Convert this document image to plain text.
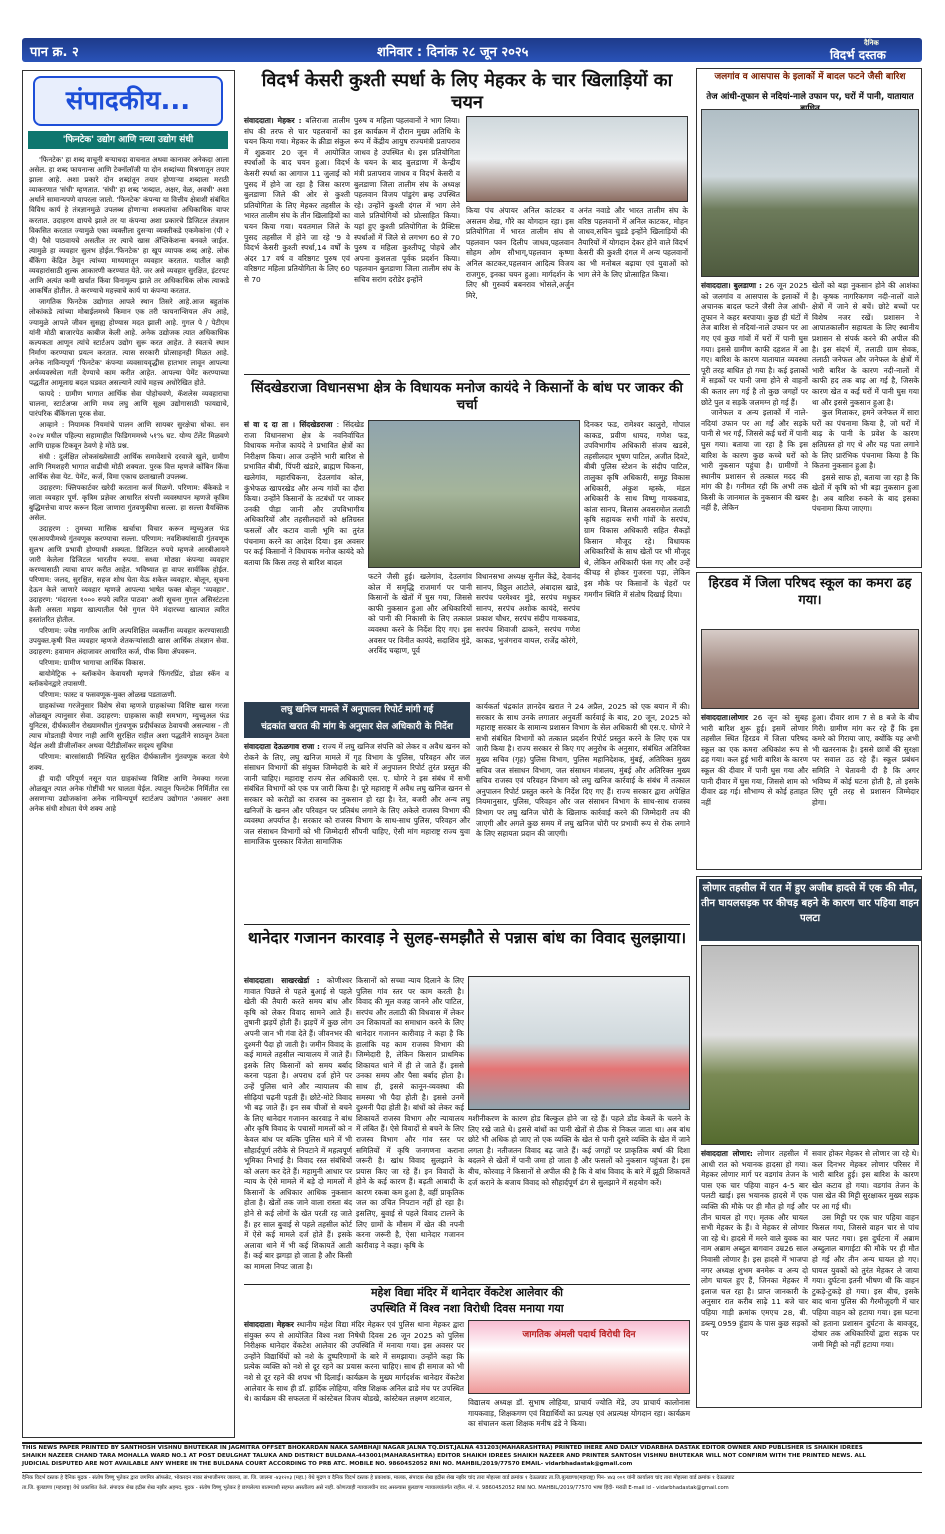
पान क्र. २	शनिवार : दिनांक २८ जून २०२५
दैनिक
विदर्भ दस्तक
संपादकीय...
'फिनटेक' उद्योग आणि नव्या उद्योग संधी

'फिनटेक' हा शब्द वाचूनी बऱ्याचदा वाचनात अथवा कानावर अनेकदा आला असेल. हा शब्द फायनान्स आणि टेक्नॉलॉजी या दोन शब्दांच्या मिश्रणातून तयार झाला आहे. अशा प्रकारे दोन शब्दांतून तयार होणाऱ्या शब्दाला मराठी व्याकरणात 'संधी' म्हणतात. 'संधी' हा शब्द 'शब्दात, अक्षर, वेळ, अवधी' अशा अर्थाने सामान्यपणे वापरला जातो. 'फिनटेक' कंपन्या या वित्तीय क्षेत्राशी संबंधित विविध कार्य हे तंत्रज्ञानमुळे उपलब्ध होणाऱ्या शक्यतांचा अधिकाधिक वापर करतात. उदाहरण द्यायचे झाले तर या कंपन्या अशा प्रकारचे डिजिटल तंत्रज्ञान विकसित करतात ज्यामुळे एका व्यक्तीला दुसऱ्या व्यक्तीकडे एकमेकांना (पी २ पी) पैसे पाठवायचे असतील तर त्याचे खास ॲप्लिकेशन्स बनवले जाईल. त्यामुळे हा व्यवहार सुलभ होईल.'फिनटेक' हा खूप व्यापक शब्द आहे. लोक बँकिंगा केंद्रित ठेवून त्यांच्या माध्यमातून व्यवहार करतात. यातील काही व्यवहारांसाठी शुल्क आकारणी करण्यात येते. जर असे व्यवहार सुरक्षित, इंटरपट आणि अत्यंत कमी खर्चात किंवा विनामूल्य झाले तर अधिकाधिक लोक त्याकडे आकर्षित होतील. ते करण्याचे महत्त्वाचे कार्य या कंपन्या करतात.

जागतिक फिनटेक उद्योगात आपले स्थान तिसरे आहे.आज बहुतांक लोकांकडे त्यांच्या मोबाईलमध्ये किमान एक तरी फायनान्शियल ॲप आहे, ज्यामुळे आपले जीवन सुसह्य होण्यास मदत झाली आहे. गुगल पे / पेटीएम यांनी मोठी बाजारपेठ काबीज केली आहे. अनेक उद्योजक त्यात अधिकाधिक कल्पकता आणून त्यांचे स्टार्टअप उद्योग सुरू करत आहेत. ते स्वतःचे स्थान निर्माण करण्याचा प्रयत्न करतात. त्यास सरकारी प्रोत्साहनही मिळत आहे. अनेक नाविन्यपूर्ण 'फिनटेक' कंपन्या व्यवसायवृद्धीस हातभार लावून आपल्या अर्थव्यवस्थेला गती देण्याचे काम करीत आहेत. आपल्या पेमेंट करण्याच्या पद्धतीत आमूलाग्र बदल घडवत असल्याने त्यांचे महत्त्व अधोरेखित होते.

फायदे : ग्रामीण भागात आर्थिक सेवा पोहोचवणे, कॅशलेस व्यवहाराचा चालना, स्टार्टअप्स आणि मध्य लघु आणि सूक्ष्म उद्योगासाठी फायद्याचे, पारंपरिक बँकिंगला पूरक सेवा.

आव्हाने : नियामक नियमांचे पालन आणि सायबर सुरक्षेचा धोका. सन २०२४ मधील पहिल्या सहामाहीत फिडिगममध्ये ५१% घट. योग्य टॅलेंट मिळवणे आणि ग्राहक टिकवून ठेवणे हे मोठे प्रश्न.

संधी : दुर्लक्षित लोकसंख्येसाठी आर्थिक समावेशाचे दरवाजे खुले, ग्रामीण आणि निमशहरी भागात वाढीची मोठी शक्यता. पुरक वित्त म्हणजे कोंबिन किंवा आर्थिक सेवा येट. पेमेंट, कर्ज, विमा एकाच छताखाली उपलब्ध.

उदाहरण: फ्लिपकार्टवर खरेदी करताना कर्ज मिळणे. परिणाम: बँकेकडे न जाता व्यवहार पूर्ण. कृत्रिम प्रज्ञेवर आधारित संपत्ती व्यवस्थापन म्हणजे कृत्रिम बुद्धिमत्तेचा वापर करून दिला जाणारा गुंतवणुकीचा सल्ला. हा सल्ला वैयक्तिक असेल.

उदाहरण : तुमच्या मासिक खर्चाचा विचार करून म्युच्युअल फंड एसआयपीमध्ये गुंतवणूक करण्याचा सल्ला. परिणाम: नवशिक्यांसाठी गुंतवणूक सुलभ आणि प्रभावी होण्याची शक्यता. डिजिटल रुपये म्हणजे आरबीआयने जारी केलेला डिजिटल भारतीय रुपया. सध्या मोठ्या कंपन्या व्यवहार करण्यासाठी त्याचा वापर करीत आहेत. भविष्यात हा वापर सार्वत्रिक होईल. परिणाम: जलद, सुरक्षित, सहज शोध घेता येऊ शकेल व्यवहार. बोलून, सूचना देऊन केले जाणारे व्यवहार म्हणजे आपल्या भाषेत फक्त बोलून 'व्यवहार'. उदाहरण: 'मंदारला १००० रुपये त्वरित पाठवा' अशी सूचना गुगल असिस्टंटला केली असता माझ्या खात्यातील पैसे गुगल पेने मंदारच्या खात्यात त्वरित हस्तांतरित होतील.

परिणाम: ज्येष्ठ नागरिक आणि अल्पशिक्षित व्यक्तींना व्यवहार करण्यासाठी उपयुक्त.कृषी वित्त व्यवहार म्हणजे शेतकऱ्यांसाठी खास आर्थिक तंत्रज्ञान सेवा. उदाहरण: हवामान अंदाजावर आधारित कर्ज, पीक विमा ॲपवरून.

परिणाम: ग्रामीण भागाचा आर्थिक विकास.

बायोमेट्रिक + ब्लॉकचेन केवायसी म्हणजे फिंगरप्रिंट, डोळा स्कॅन व ब्लॉकचेनद्वारे तपासणी.

परिणाम: फास्ट व फसवणूक-मुक्त ओळख पडताळणी.

ग्राहकांच्या गरजेनुसार विशेष सेवा म्हणजे ग्राहकांच्या विशिष्ट खास गरजा ओळखून त्यानुसार सेवा. उदाहरण: ग्राहकास काही समभाग, म्युच्युअल फंड युनिटस, दीर्घकालीन रोख्यामधील गुंतवणूक प्रदीर्घकाळ ठेवायची असल्यास - ती त्याच मोडताही येणार नाही आणि सुरक्षित राहील अशा पद्धतीने साठवून ठेवता येईल अशी डीजीलॉकर अथवा पेंटीडीलॉकर सदृश्य सुविधा

परिणाम: बारसांसाठी निश्चित सुरक्षित दीर्घकालीन गुंतवणूक करता येणे शक्य.

ही यादी परिपूर्ण नसून यात ग्राहकांच्या विशिष्ट आणि नेमक्या गरजा ओळखून त्यात अनेक गोष्टींची भर घालता येईल. त्यातून फिनटेक निर्मितीत रस असणाऱ्या उद्योजकांना अनेक नाविन्यपूर्ण स्टार्टअप उद्योगात 'अवसर' अशा अनेक संधी शोधता येणे शक्य आहे

विदर्भ केसरी कुश्ती स्पर्धा के लिए मेहकर के चार खिलाड़ियों का चयन
संवाददाता। मेहकर : बलिराजा तालीम संघ की तरफ से चार पहलवानों का चयन किया गया। मेहकर के क्रीडा संकुल में शुक्रवार 20 जून में आयोजित स्पर्धाओं के बाद चयन हुआ। विदर्भ केसरी स्पर्धा का आगाज 11 जुलाई को पुसद में होने जा रहा है जिस कारण बुलडाणा जिले की ओर से कुश्ती प्रतियोगिता के लिए मेहकर तहसील के भारत तालीम संघ के तीन खिलाड़ियों का चयन किया गया। यवतमाल जिले के पुसद तहसील में होने जा रहे '9 वे विदर्भ केसरी कुश्ती स्पर्धा,14 वर्षों के अंदर 17 वर्ष व वरिष्ठगट पुरुष एवं वरिष्ठगट महिला प्रतियोगिता के लिए 60 से 70
पुरुष व महिला पहलवानों ने भाग लिया। इस कार्यक्रम में दौरान मुख्य अतिथि के रूप में केंद्रीय आयुष राज्यमंत्री प्रतापराव जाधव हे उपस्थित थे। इस प्रतियोगिता के चयन के बाद बुलडाणा में केन्द्रीय मंत्री प्रतापराव जाधव व विदर्भ केसरी व बुलडाणा जिला तालीम संघ के अध्यक्ष पहलवान विजय पांडुरंग ब्रम्ह उपस्थित रहे। उन्होंने कुश्ती दंगल में भाग लेने वाले प्रतियोगियों को प्रोत्साहित किया। यहां हुए कुश्ती प्रतियोगिता के प्रैक्टिस स्पर्धाओं में जिले से लगभग 60 से 70 पुरुष व महिला कुश्तीपटू पोहचे और अपना कुशलता पूर्वक प्रदर्शन किया। पहलवान बुलडाणा जिला तालीम संघ के सचिव सरांग दरोडेर इन्होंने
किया पंच अंपायर अनिल कांटकर व असलम शेख, गौरे का योगदान रहा। इस प्रतियोगिता में भारत तालीम संघ से पहलवान पवन दिलीप जाधव,पहलवान सोहम ओम सौभाग्,पहलवान कृष्णा अनिल काटकर,पहलवान आदित्य विजय राजगुरु, इनका चयन हुआ। मार्गदर्शन के लिए श्री गुरुवर्य बबनराव भोसले,अर्जुन मिरे,
अनंत नवाडे और भारत तालीम संघ के वरिष्ठ पहलवानों में अनिल काटकर, मोहन जाधव,सचिन चुडडे इन्होंने खिलाड़ियों की तैयारियों में योगदान देकर होने वाले विदर्भ केसरी की कुश्ती दंगल में अन्य पहलवानों का भी मनोबल बढ़ाया एवं युवाओं को भाग लेने के लिए प्रोत्साहित किया।
जलगांव व आसपास के इलाकों में बादल फटने जैसी बारिश
तेज आंधी-तूफान से नदियां-नाले उफान पर, घरों में पानी, यातायात
संवाददाता। बुलडाणा : 26 जून 2025 को जलगांव व आसपास के इलाकों में अचानक बादल फटने जैसी तेज आंधी-तूफान ने कहर बरपाया। कुछ ही घंटों में तेज बारिश से नदियां-नाले उफान पर आ गए एवं कुछ गांवों में घरों में पानी घुस गया। इससे ग्रामीण काफी दहशत में आ गए। बारिश के कारण यातायात व्यवस्था पूरी तरह बाधित हो गया है। कई इलाकों में सड़कों पर पानी जमा होने से वाहनों की कतार लग गई है तो कुछ जगहों पर छोटे पुल व सड़कें जलमग्न हो गई हैं।

जानेफल व अन्य इलाकों में नाले-नदियां उफान पर आ गईं और सड़के पानी से भर गईं, जिससे कई घरों में पानी घुस गया। बताया जा रहा है कि इस बारिश के कारण कुछ कच्चे घरों को भारी नुकसान पहुंचा है। ग्रामीणों ने स्थानीय प्रशासन से तत्काल मदद की मांग की है। गनीमत रही कि अभी तक किसी के जानमाल के नुकसान की खबर नहीं है, लेकिन

खेतों को बड़ा नुकसान होने की आशंका है। कृषक नागरिकगण नदी-नालों वाले क्षेत्रों में जाने से बचें। छोटे बच्चों पर विशेष नजर रखें। प्रशासन ने आपातकालीन सहायता के लिए स्थानीय प्रशासन से संपर्क करने की अपील की है। इस संदर्भ में, तलाठी ग्राम सेवक, तलाठी जनेफल और जनेफल के क्षेत्रों में भारी बारिश के कारण नदी-नालों में काफी हद तक बाढ़ आ गई है, जिसके कारण खेत व कई घरों में पानी घुस गया था और इससे नुकसान हुआ है।

कुल मिलाकर, हमने जनेफल में सारा घरों का पंचनामा किया है, जो घरों में बाढ़ के पानी के प्रवेश के कारण क्षतिग्रस्त हो गए थे और यह पता लगाने के लिए प्रारंभिक पंचनामा किया है कि कितना नुकसान हुआ है।

इससे साफ हो, बताया जा रहा है कि खेतों में कृषि को भी बड़ा नुकसान हुआ है। अब बारिश रुकने के बाद इसका पंचनामा किया जाएगा।

सिंदखेडराजा विधानसभा क्षेत्र के विधायक मनोज कायंदे ने किसानों के बांध पर जाकर की चर्चा
सं वा द दा ता । सिंदखेडराजा : सिंदखेड राजा विधानसभा क्षेत्र के नवनिर्वाचित विधायक मनोज कायंदे ने प्रभावित क्षेत्रों का निरीक्षण किया। आज उन्होंने भारी बारिश से प्रभावित बीबी, पिंपरी खंडारे, ब्राह्मण चिकना, खलेगांव, महारचिकना, देउलगांव कोल, कुंभेफळ खापरखेड और अन्य गांवों का दौरा किया। उन्होंने किसानों के तटबंधों पर जाकर उनकी पीड़ा जानी और उपविभागीय अधिकारियों और तहसीलदारों को क्षतिग्रस्त फसलों और कटाव वाली भूमि का तुरंत पंचनामा करने का आदेश दिया। इस अवसर पर कई किसानों ने विधायक मनोज कायंदे को बताया कि किस तरह से बारिश बादल
फटने जैसी हुई। खलेगांव, देउलगांव कोल में समृद्धि राजमार्ग पर पानी किसानों के खेतों में घुस गया, जिससे काफी नुकसान हुआ और अधिकारियों को पानी की निकासी के लिए तत्काल व्यवस्था करने के निर्देश दिए गए। इस अवसर पर विनीत कायंदे, सदाशिव मुंडे, अरविंद चव्हाण, पूर्व
विधानसभा अध्यक्ष सुनील केंद्रे, देवानंद सानप, विठ्ठल आटोले, अंबादास खाडे, सरपंच परमेश्वर मुंडे, सरपंच मधुकर सानप, सरपंच अशोक कायंदे, सरपंच प्रकाश चौधर, सरपंच संदीप गायकवाड, सरपंच शिवाजी ढाकने, सरपंच गणेश काकड, भुजंगराव वायल, राजेंद्र कोरंगे,
दिनकर फड, रामेश्वर कालुरो, गोपाल काकड, प्रवीण धायद, गणेश फड, उपविभागीय अधिकारी संजय खडसे, तहसीलदार भूषण पाटिल, अजीत दिवटे, बीबी पुलिस स्टेशन के संदीप पाटिल, तालुका कृषि अधिकारी, समूह विकास अधिकारी, अंकुश म्हस्के, मंडल अधिकारी के साथ विष्णु गायकवाड, कांता सानप, बिलास अवसरमोल तलाठी कृषि सहायक सभी गांवों के सरपंच, ग्राम विकास अधिकारी सहित सैकड़ों किसान मौजूद रहे। विधायक अधिकारियों के साथ खेतों पर भी मौजूद थे, लेकिन अधिकारी फंस गए और उन्हें कीचड़ से होकर गुजरना पड़ा, लेकिन इस मौके पर किसानों के चेहरों पर गमगीन स्थिति में संतोष दिखाई दिया।
हिरडव में जिला परिषद स्कूल का कमरा ढह गया।
संवाददाता।लोणार 26 जून को सुबह भारी बारिश शुरू हुई। इसमें लोणार तहसील स्थित हिरडव में जिला परिषद स्कूल का एक कमरा अधिकांश रूप से ढह गया। कल हुई भारी बारिश के कारण स्कूल की दीवार में पानी घुस गया और पानी दीवार में घुस गया, जिससे शाम को दीवार ढह गई। सौभाग्य से कोई हताहत नहीं
हुआ। दीवार शाम 7 से 8 बजे के बीच गिरी। ग्रामीण मांग कर रहे हैं कि इस कमरे को गिराया जाए, क्योंकि यह अभी भी खतरनाक है। इससे छात्रों की सुरक्षा पर सवाल उठ रहे हैं। स्कूल प्रबंधन समिति ने चेतावनी दी है कि अगर भविष्य में कोई घटना होती है, तो इसके लिए पूरी तरह से प्रशासन जिम्मेदार होगा।
लघु खनिज मामले में अनुपालन रिपोर्ट मांगी गई
चंद्रकांत खरात की मांग के अनुसार सेल अधिकारी के निर्देश
संवाददाता देऊळगाव राजा : राज्य में लघु खनिज संपत्ति को लेकर व अवैध खनन को रोकने के लिए, लघु खनिज मामले में गृह विभाग के पुलिस, परिवहन और जल संसाधन विभागों की संयुक्त जिम्मेदारी के बारे में अनुपालन रिपोर्ट तुरंत प्रस्तुत की जानी चाहिए। महाराष्ट्र राज्य सेल अधिकारी एस. ए. घोगरे ने इस संबंध में सभी संबंधित विभागों को एक पत्र जारी किया है। पूरे महाराष्ट्र में अवैध लघु खनिज खनन से सरकार को करोड़ों का राजस्व का नुकसान हो रहा है। रेत, बजरी और अन्य लघु खनिजों के खनन और परिवहन पर प्रतिबंध लगाने के लिए अकेले राजस्व विभाग की व्यवस्था अपर्याप्त है। सरकार को राजस्व विभाग के साथ-साथ पुलिस, परिवहन और जल संसाधन विभागों को भी जिम्मेदारी सौंपनी चाहिए, ऐसी मांग महाराष्ट्र राज्य युवा सामाजिक पुरस्कार विजेता सामाजिक
कार्यकर्ता चंद्रकांत ज्ञानदेव खरात ने 24 अप्रैल, 2025 को एक बयान में की। सरकार के साथ उनके लगातार अनुवर्ती कार्रवाई के बाद, 20 जून, 2025 को महाराष्ट्र सरकार के सामान्य प्रशासन विभाग के सेल अधिकारी श्री एस.ए. घोगरे ने सभी संबंधित विभागों को तत्काल प्रदर्शन रिपोर्ट प्रस्तुत करने के लिए एक पत्र जारी किया है। राज्य सरकार से किए गए अनुरोध के अनुसार, संबंधित अतिरिक्त मुख्य सचिव (गृह) पुलिस विभाग, पुलिस महानिदेशक, मुंबई, अतिरिक्त मुख्य सचिव जल संसाधन विभाग, जल संसाधन मंत्रालय, मुंबई और अतिरिक्त मुख्य सचिव राजस्व एवं परिवहन विभाग को लघु खनिज कार्रवाई के संबंध में तत्काल अनुपालन रिपोर्ट प्रस्तुत करने के निर्देश दिए गए हैं। राज्य सरकार द्वारा अपेक्षित नियमानुसार, पुलिस, परिवहन और जल संसाधन विभाग के साथ-साथ राजस्व विभाग पर लघु खनिज चोरी के खिलाफ कार्रवाई करने की जिम्मेदारी तय की जाएगी और अगले कुछ समय में लघु खनिज चोरी पर प्रभावी रूप से रोक लगाने के लिए सहायता प्रदान की जाएगी।
थानेदार गजानन कारवाड़ ने सुलह-समझौते से पन्नास बांध का विवाद सुलझाया।
संवाददाता। साखरखेर्डा : कोणीश्वर गावात पिछले से पहले बुआई से पहले खेती की तैयारी करते समय बांध और कृषि को लेकर विवाद सामने आते हैं। तुषानी झड़पें होती हैं। झड़पें में कुछ लोग अपनी जान भी गंवा देते हैं। जीवनभर की दुश्मनी पैदा हो जाती है। जमीन विवाद के कई मामले तहसील न्यायालय में जाते हैं। इसके लिए किसानों को समय बर्बाद करना पड़ता है। अपराध दर्ज होने पर उन्हें पुलिस थाने और न्यायालय की सीढ़ियां चढ़नी पड़ती हैं। छोटे-मोटे विवाद भी बढ़ जाते हैं। इन सब चीजों से बचने के लिए थानेदार गजानन कारवाड़ ने बांध और कृषि विवाद के पचासों मामलों को न केवल बांध पर बल्कि पुलिस थाने में भी सौहार्दपूर्ण तरीके से निपटाने में महत्वपूर्ण भूमिका निभाई है। विवाद रस्त संबंधियों को अलग कर देते हैं। महामुनी आधार पर न्याय के ऐसे मामले में बड़े दो मामलों में किसानों के अधिकार आधिक नुकसान होता है। खेतों तक जाने वाला रास्ता बंद होने से कई लोगों के खेत परती रह जाते हैं। हर साल बुवाई से पहले तहसील कोर्ट में ऐसे कई मामले दर्ज होते हैं। इसके अलावा थाने में भी कई शिकायतें आती हैं। कई बार झगड़ा हो जाता है और किसी का मामला निपट जाता है।
किसानों को सच्चा न्याय दिलाने के लिए पुलिस गांव स्तर पर काम करती है। विवाद की मूल वजह जानने और पाटिल, सरपंच और तलाठी की विधवास में लेकर उन शिकायतों का समाधान करने के लिए थानेदार गजानन कारीवाड़ ने कहा है कि हालांकि यह काम राजस्व विभाग की जिम्मेदारी है, लेकिन किसान प्राथमिक शिकायत थाने में ही ले जाते हैं। इससे उनका समय और पैसा बर्बाद होता है। साथ ही, इससे कानून-व्यवस्था की समस्या भी पैदा होती है। इससे उनमें दुश्मनी पैदा होती है। बांधों को लेकर कई शिकायतें राजस्व विभाग और न्यायालय में लंबित हैं। ऐसे विवादों से बचने के लिए राजस्व विभाग और गांव स्तर पर समितियों में कृषि जनगणना कराना जरूरी है। खांध विवाद सुलझाने के प्रयास किए जा रहे हैं। इन विवादों के होने के कई कारण हैं। बढ़ती आबादी के कारण रकबा कम हुआ है, वहीं प्राकृतिक जल का उचित निपटान नहीं हो रहा है। इसलिए, बुवाई से पहले विवाद टालने के लिए ग्रामों के मौसम में खेत की नपनी करना जरूरी है, ऐसा थानेदार गजानन कारीवाड़ ने कहा। कृषि के
मशीनीकरण के कारण होड बिल्कुल होने जा रहे हैं। पहले डोंड केबलें के चलने के लिए रखे जाते थे। इससे बांधों का पानी खेतों से ठीक से निकल जाता था। अब बांध छोटे भी अधिक हो जाए तो एक व्यक्ति के खेत से पानी दूसरे व्यक्ति के खेत में जाने लगता है। नतीजतन विवाद बढ़ जाते हैं। कई जगहों पर प्राकृतिक बर्षा की दिशा बदलने से खेतों में पानी जमा हो जाता है और फसलों को नुकसान पहुंचता है। इस बीच, कोरवाड़ ने किसानों से अपील की है कि वे बांध विवाद के बारे में झूठी शिकायतें दर्ज कराने के बजाय विवाद को सौहार्दपूर्ण ढंग से सुलझाने में सहयोग करें।
लोणार तहसील में रात में हुए अजीब हादसे में एक की मौत, तीन घायलसड़क पर कीचड़ बहने के कारण चार पहिया वाहन पलटा
संवाददाता लोणार: लोणार तहसील में आधी रात को भयानक हादसा हो गया। मेहकर लोणार मार्ग पर वडगांव तेजन के पास एक चार पहिया वाहन 4-5 बार पलटी खाई। इस भयानक हादसे में एक व्यक्ति की मौके पर ही मौत हो गई और तीन घायल हो गए। मृतक और घायल सभी मेहकर के हैं। वे मेहकर से लोणार जा रहे थे। हादसे में मरने वाले युवक का नाम अब्राम अब्दुल बागवान उम्र26 साल निवासी लोणार है। इस हादसे में भाजपा नगर अध्यक्ष शुभम बनमेरू व अन्य दो लोग घायल हुए हैं, जिनका मेहकर में इलाज चल रहा है। प्राप्त जानकारी के अनुसार रात करीब साढ़े 11 बजे चार पहिया गाड़ी क्रमांक एमएच 28, बी. डब्ल्यू 0959 हुंडाय के पास कुछ सड़कों पर
सवार होकर मेहकर से लोणार जा रहे थे। कल दिनभर मेहकर लोणार परिसर में भारी बारिश हुई। इस बारिश के कारण खेत कटाव हो गया। वडगांव तेजन के पास खेत की मिट्टी सुरक्षाकर मुख्य सड़क पर आ गई थी।

उस मिट्टी पर एक चार पहिया वाहन फिसल गया, जिससे वाहन चार से पांच बार पलट गया। इस दुर्घटना में अब्राम अब्दुलाल बागाईटा की मौके पर ही मौत हो गई और तीन अन्य घायल हो गए। घायल युवकों को तुरंत मेहकर ले जाया गया। दुर्घटना इतनी भीषण थी कि वाहन टुकड़े-टुकड़े हो गया। इस बीच, इसके बाद थाना पुलिस की गैरमौजूदगी में चार पहिया वाहन को हटाया गया। इस घटना को हताना प्रशासन दुर्घटना के बावजूद, दोषार तक अधिकारियों द्वारा सड़क पर जमी मिट्टी को नहीं हटाया गया।

महेश विद्या मंदिर में थानेदार वेंकटेश आलेवार की
उपस्थिति में विश्व नशा विरोधी दिवस मनाया गया
संवाददाता। मेहकर स्थानीय महेश विद्या मंदिर मेहकर एवं पुलिस थाना मेहकर द्वारा संयुक्त रूप से आयोजित विश्व नशा निषेधी दिवस 26 जून 2025 को पुलिस निरीक्षक थानेदार वेंकटेश आलेवार की उपस्थिति में मनाया गया। इस अवसर पर उन्होंने विद्यार्थियों को नशे के दुष्परिणामों के बारे में समझाया। उन्होंने कहा कि प्रत्येक व्यक्ति को नशे से दूर रहने का प्रयास करना चाहिए। साथ ही समाज को भी नशे से दूर रहने की शपथ भी दिलाई। कार्यक्रम के मुख्य मार्गदर्शक थानेदार वेंकटेश आलेवार के साथ ही डॉ. हार्दिक लोहिया, वरिष्ठ शिक्षक अनिल ढाडे मंच पर उपस्थित थे। कार्यक्रम की सफलता में कांस्टेबल विजय बोडखे, कांस्टेबल लक्ष्मण शटवाल,
जागतिक अंमली पदार्थ विरोधी दिन
विद्यालय अध्यक्ष डॉ. सुभाष लोहिया, प्राचार्य ज्योति मेंडे, उप प्राचार्य कालोनास गायकवाड़, शिक्षकगण एवं विद्यार्थियों का प्रत्यक्ष एवं अप्रत्यक्ष योगदान रहा। कार्यक्रम का संचालन कला शिक्षक मनीष ढंडे ने किया।
THIS NEWS PAPER PRINTED BY SANTHOSH VISHNU BHUTEKAR IN JAGMITRA OFFSET BHOKARDAN NAKA SAMBHAJI NAGAR JALNA TQ.DIST.JALNA 431203(MAHARASHTRA) PRINTED IHERE AND DAILY VIDARBHA DASTAK EDITOR OWNER AND PUBLISHER IS SHAIKH IDREES
SHAIKH NAZEER CHAND TARA MOHALLA WARD NO.1 AT POST DEULGHAT TALUKA AND DISTRICT BULDANA-443001(MAHARASHTRA) EDITOR SHAIKH IDREES SHAIKH NAZEER AND PRINTER SANTOSH VISHNU BHUTEKAR WILL NOT CONFIRM WITH THE PRINTED NEWS. ALL
JUDICIAL DISPUTED ARE NOT AVAILABLE ANY WHERE IN THE BULDANA COURT ACCORDING TO PRB ATC. MOBILE NO. 9860452052 RNI NO. MAHBIL/2019/77570 EMAIL- vidarbhadastak@gmail.com
दैनिक विदर्भ दस्तक हे दैनिक मुद्रक - संतोष विष्णू भुतेकर द्वारा जगमित्र ऑफसेट, भोकरदन नाका संभाजीनगर जालना, ता. जि. जालना -४३१२०३ (महा.) येथे मुद्रण व दैनिक विदर्भ दस्तक हे प्रकाशक, मालक, संपादक शेख इद्रीस शेख नझीर चांद तारा मोहल्ला वार्ड क्रमांक १ देऊळघाट ता.जि.बुलडाणा(महाराष्ट्र) पिन- ४४३ ००१ यांनी कार्यालय चांद तारा मोहल्ला वार्ड क्रमांक १ देऊळघाट
ता.जि. बुलडाणा (महाराष्ट्र) येथे प्रकाशित केले. संपादक शेख इद्रीस शेख नझीर अहमद. मुद्रक - संतोष विष्णू भुतेकर हे छापलेल्या बातम्याशी सहमत असतीलच असे नाही. कोणत्याही न्यायालयीन वाद असल्यास बुलडाणा न्यायालयांतर्गत राहील. मो. नं. 9860452052 RNI NO. MAHBIL/2019/77570 भाषा हिंदी- मराठी E-mail id - vidarbhadastak@gmail.com
